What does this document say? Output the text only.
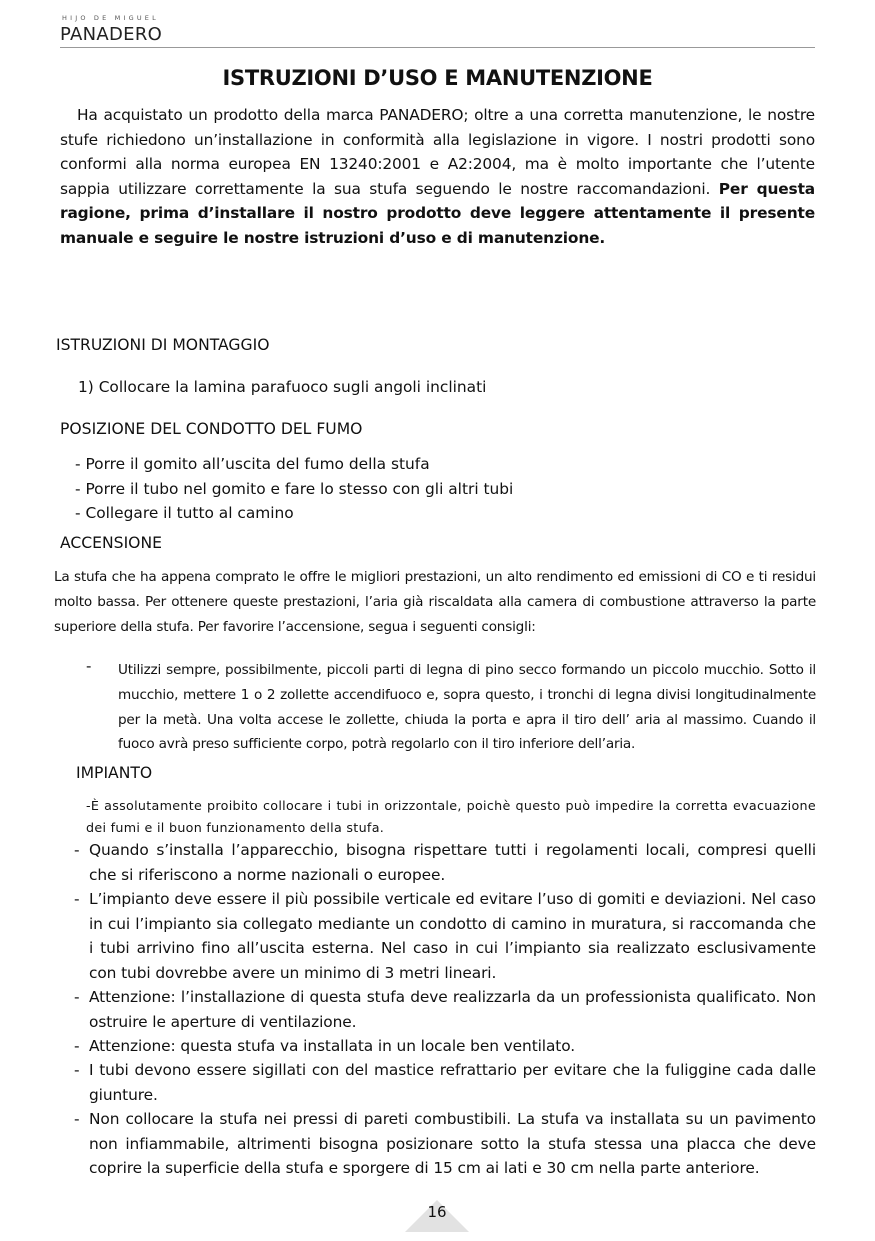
HIJO DE MIGUEL
PANADERO
ISTRUZIONI D’USO E MANUTENZIONE
Ha acquistato un prodotto della marca PANADERO; oltre a una corretta manutenzione, le nostre stufe richiedono un’installazione in conformità alla legislazione in vigore. I nostri prodotti sono conformi alla norma europea EN 13240:2001 e A2:2004, ma è molto importante che l’utente sappia utilizzare correttamente la sua stufa seguendo le nostre raccomandazioni. Per questa ragione, prima d’installare il nostro prodotto deve leggere attentamente il presente manuale e seguire le nostre istruzioni d’uso e di manutenzione.
ISTRUZIONI DI MONTAGGIO
1) Collocare la lamina parafuoco sugli angoli inclinati
POSIZIONE DEL CONDOTTO DEL FUMO
- Porre il gomito all’uscita del fumo della stufa
- Porre il tubo nel gomito e fare lo stesso con gli altri tubi
- Collegare il tutto al camino
ACCENSIONE
La stufa che ha appena comprato le offre le migliori prestazioni, un alto rendimento ed emissioni di CO e ti residui molto bassa. Per ottenere queste prestazioni, l’aria già riscaldata alla camera di combustione attraverso la parte superiore della stufa. Per favorire l’accensione, segua i seguenti consigli:
- Utilizzi sempre, possibilmente, piccoli parti di legna di pino secco formando un piccolo mucchio. Sotto il mucchio, mettere 1 o 2 zollette accendifuoco e, sopra questo, i tronchi di legna divisi longitudinalmente per la metà. Una volta accese le zollette, chiuda la porta e apra il tiro dell’ aria al massimo. Cuando il fuoco avrà preso sufficiente corpo, potrà regolarlo con il tiro inferiore dell’aria.
IMPIANTO
-È assolutamente proibito collocare i tubi in orizzontale, poichè questo può impedire la corretta evacuazione dei fumi e il buon funzionamento della stufa.
- Quando s’installa l’apparecchio, bisogna rispettare tutti i regolamenti locali, compresi quelli che si riferiscono a norme nazionali o europee.
- L’impianto deve essere il più possibile verticale ed evitare l’uso di gomiti e deviazioni. Nel caso in cui l’impianto sia collegato mediante un condotto di camino in muratura, si raccomanda che i tubi arrivino fino all’uscita esterna. Nel caso in cui l’impianto sia realizzato esclusivamente con tubi dovrebbe avere un minimo di 3 metri lineari.
- Attenzione: l’installazione di questa stufa deve realizzarla da un professionista qualificato. Non ostruire le aperture di ventilazione.
- Attenzione: questa stufa va installata in un locale ben ventilato.
- I tubi devono essere sigillati con del mastice refrattario per evitare che la fuliggine cada dalle giunture.
- Non collocare la stufa nei pressi di pareti combustibili. La stufa va installata su un pavimento non infiammabile, altrimenti bisogna posizionare sotto la stufa stessa una placca che deve coprire la superficie della stufa e sporgere di 15 cm ai lati e 30 cm nella parte anteriore.
16
